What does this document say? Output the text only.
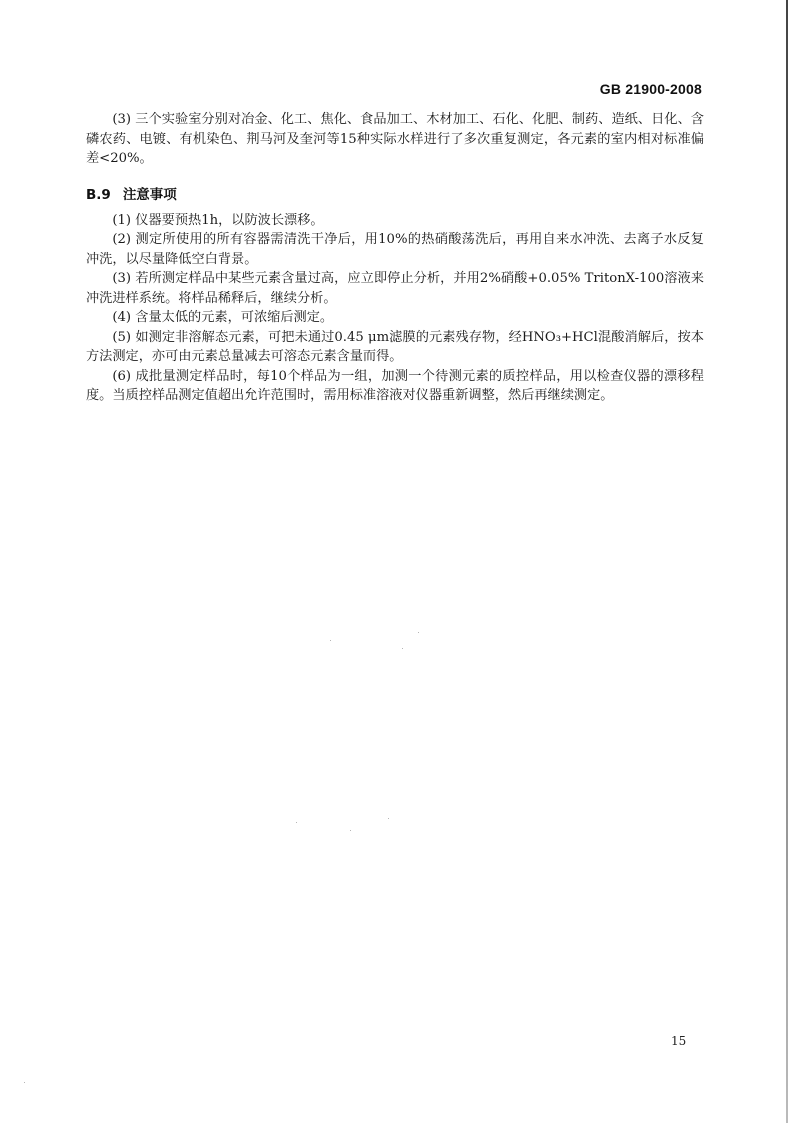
GB 21900-2008

(3) 三个实验室分别对冶金、化工、焦化、食品加工、木材加工、石化、化肥、制药、造纸、日化、含磷农药、电镀、有机染色、荆马河及奎河等15种实际水样进行了多次重复测定，各元素的室内相对标准偏差<20%。

B.9 注意事项

(1) 仪器要预热1h，以防波长漂移。

(2) 测定所使用的所有容器需清洗干净后，用10%的热硝酸荡洗后，再用自来水冲洗、去离子水反复冲洗，以尽量降低空白背景。

(3) 若所测定样品中某些元素含量过高，应立即停止分析，并用2%硝酸+0.05% TritonX-100溶液来冲洗进样系统。将样品稀释后，继续分析。

(4) 含量太低的元素，可浓缩后测定。

(5) 如测定非溶解态元素，可把未通过0.45 μm滤膜的元素残存物，经HNO₃+HCl混酸消解后，按本方法测定，亦可由元素总量减去可溶态元素含量而得。

(6) 成批量测定样品时，每10个样品为一组，加测一个待测元素的质控样品，用以检查仪器的漂移程度。当质控样品测定值超出允许范围时，需用标准溶液对仪器重新调整，然后再继续测定。

15
